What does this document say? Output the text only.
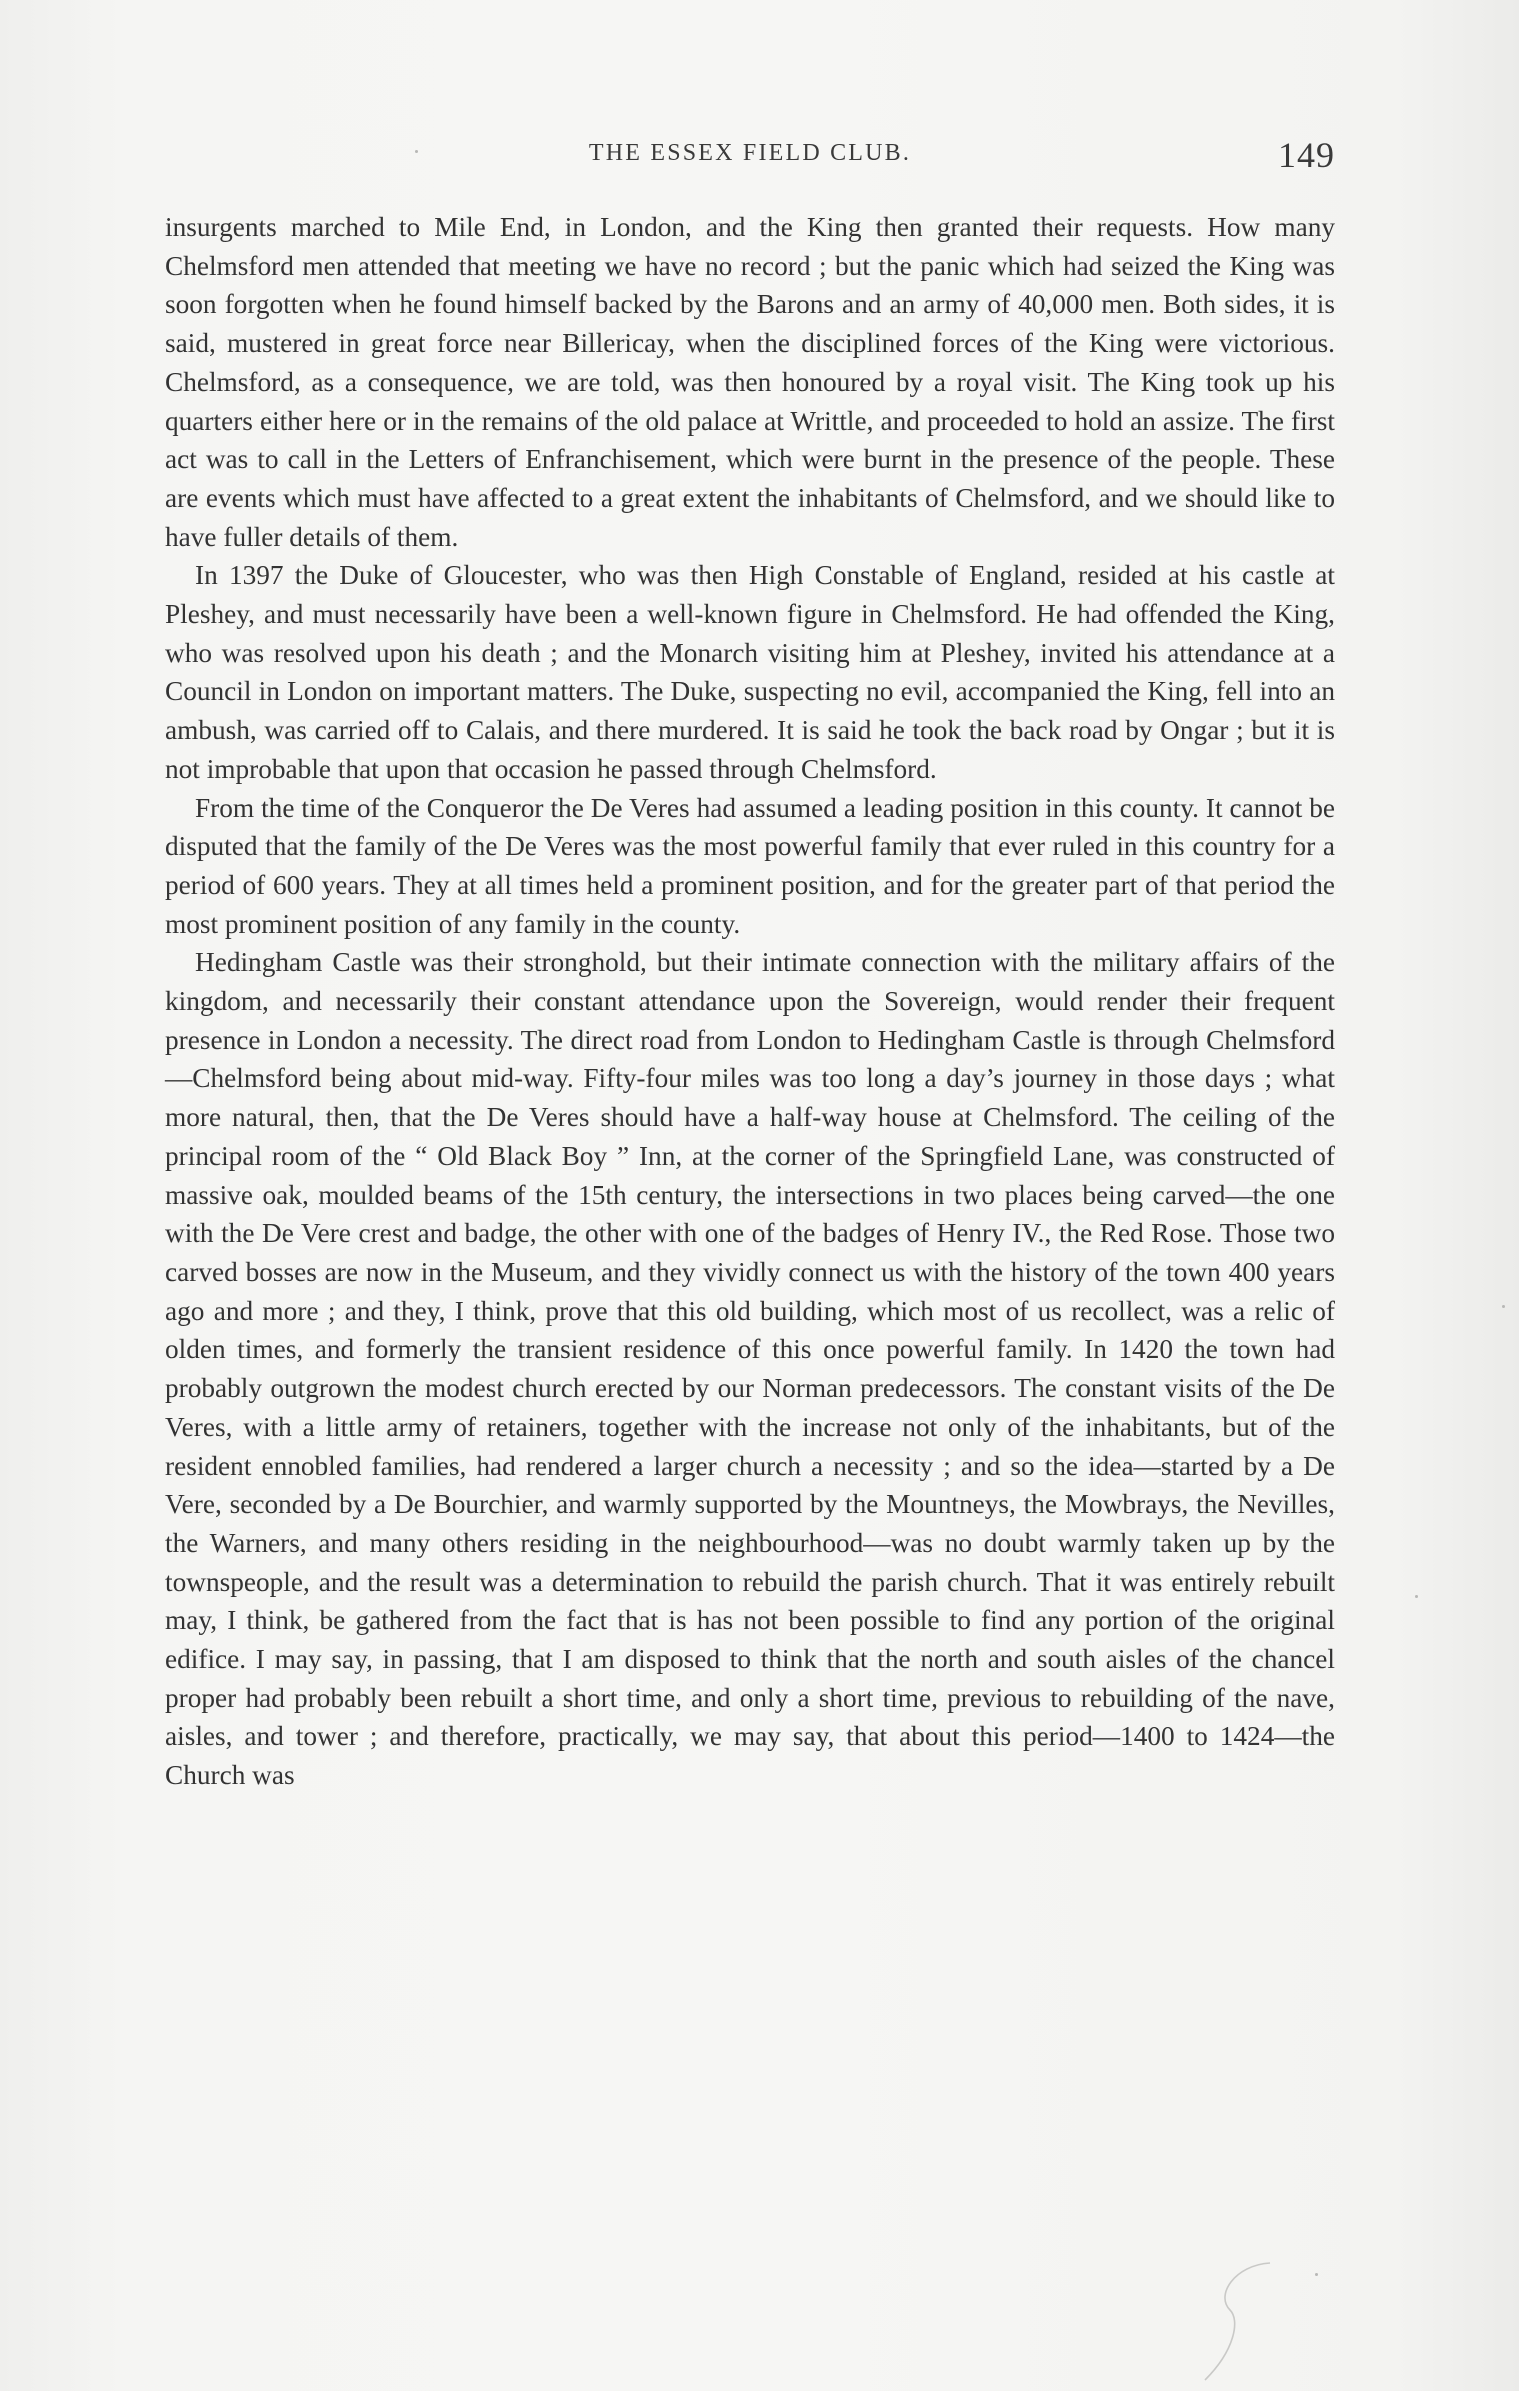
THE ESSEX FIELD CLUB.	149

insurgents marched to Mile End, in London, and the King then granted their requests. How many Chelmsford men attended that meeting we have no record ; but the panic which had seized the King was soon forgotten when he found himself backed by the Barons and an army of 40,000 men. Both sides, it is said, mustered in great force near Billericay, when the disciplined forces of the King were victorious. Chelmsford, as a consequence, we are told, was then honoured by a royal visit. The King took up his quarters either here or in the remains of the old palace at Writtle, and proceeded to hold an assize. The first act was to call in the Letters of Enfranchisement, which were burnt in the presence of the people. These are events which must have affected to a great extent the inhabitants of Chelmsford, and we should like to have fuller details of them.

In 1397 the Duke of Gloucester, who was then High Constable of England, resided at his castle at Pleshey, and must necessarily have been a well-known figure in Chelmsford. He had offended the King, who was resolved upon his death ; and the Monarch visiting him at Pleshey, invited his attendance at a Council in London on important matters. The Duke, suspecting no evil, accompanied the King, fell into an ambush, was carried off to Calais, and there murdered. It is said he took the back road by Ongar ; but it is not improbable that upon that occasion he passed through Chelmsford.

From the time of the Conqueror the De Veres had assumed a leading position in this county. It cannot be disputed that the family of the De Veres was the most powerful family that ever ruled in this country for a period of 600 years. They at all times held a prominent position, and for the greater part of that period the most prominent position of any family in the county.

Hedingham Castle was their stronghold, but their intimate connection with the military affairs of the kingdom, and necessarily their constant attendance upon the Sovereign, would render their frequent presence in London a necessity. The direct road from London to Hedingham Castle is through Chelmsford—Chelmsford being about mid-way. Fifty-four miles was too long a day’s journey in those days ; what more natural, then, that the De Veres should have a half-way house at Chelmsford. The ceiling of the principal room of the “ Old Black Boy ” Inn, at the corner of the Springfield Lane, was constructed of massive oak, moulded beams of the 15th century, the intersections in two places being carved—the one with the De Vere crest and badge, the other with one of the badges of Henry IV., the Red Rose. Those two carved bosses are now in the Museum, and they vividly connect us with the history of the town 400 years ago and more ; and they, I think, prove that this old building, which most of us recollect, was a relic of olden times, and formerly the transient residence of this once powerful family. In 1420 the town had probably outgrown the modest church erected by our Norman predecessors. The constant visits of the De Veres, with a little army of retainers, together with the increase not only of the inhabitants, but of the resident ennobled families, had rendered a larger church a necessity ; and so the idea—started by a De Vere, seconded by a De Bourchier, and warmly supported by the Mountneys, the Mowbrays, the Nevilles, the Warners, and many others residing in the neighbourhood—was no doubt warmly taken up by the townspeople, and the result was a determination to rebuild the parish church. That it was entirely rebuilt may, I think, be gathered from the fact that is has not been possible to find any portion of the original edifice. I may say, in passing, that I am disposed to think that the north and south aisles of the chancel proper had probably been rebuilt a short time, and only a short time, previous to rebuilding of the nave, aisles, and tower ; and therefore, practically, we may say, that about this period—1400 to 1424—the Church was
